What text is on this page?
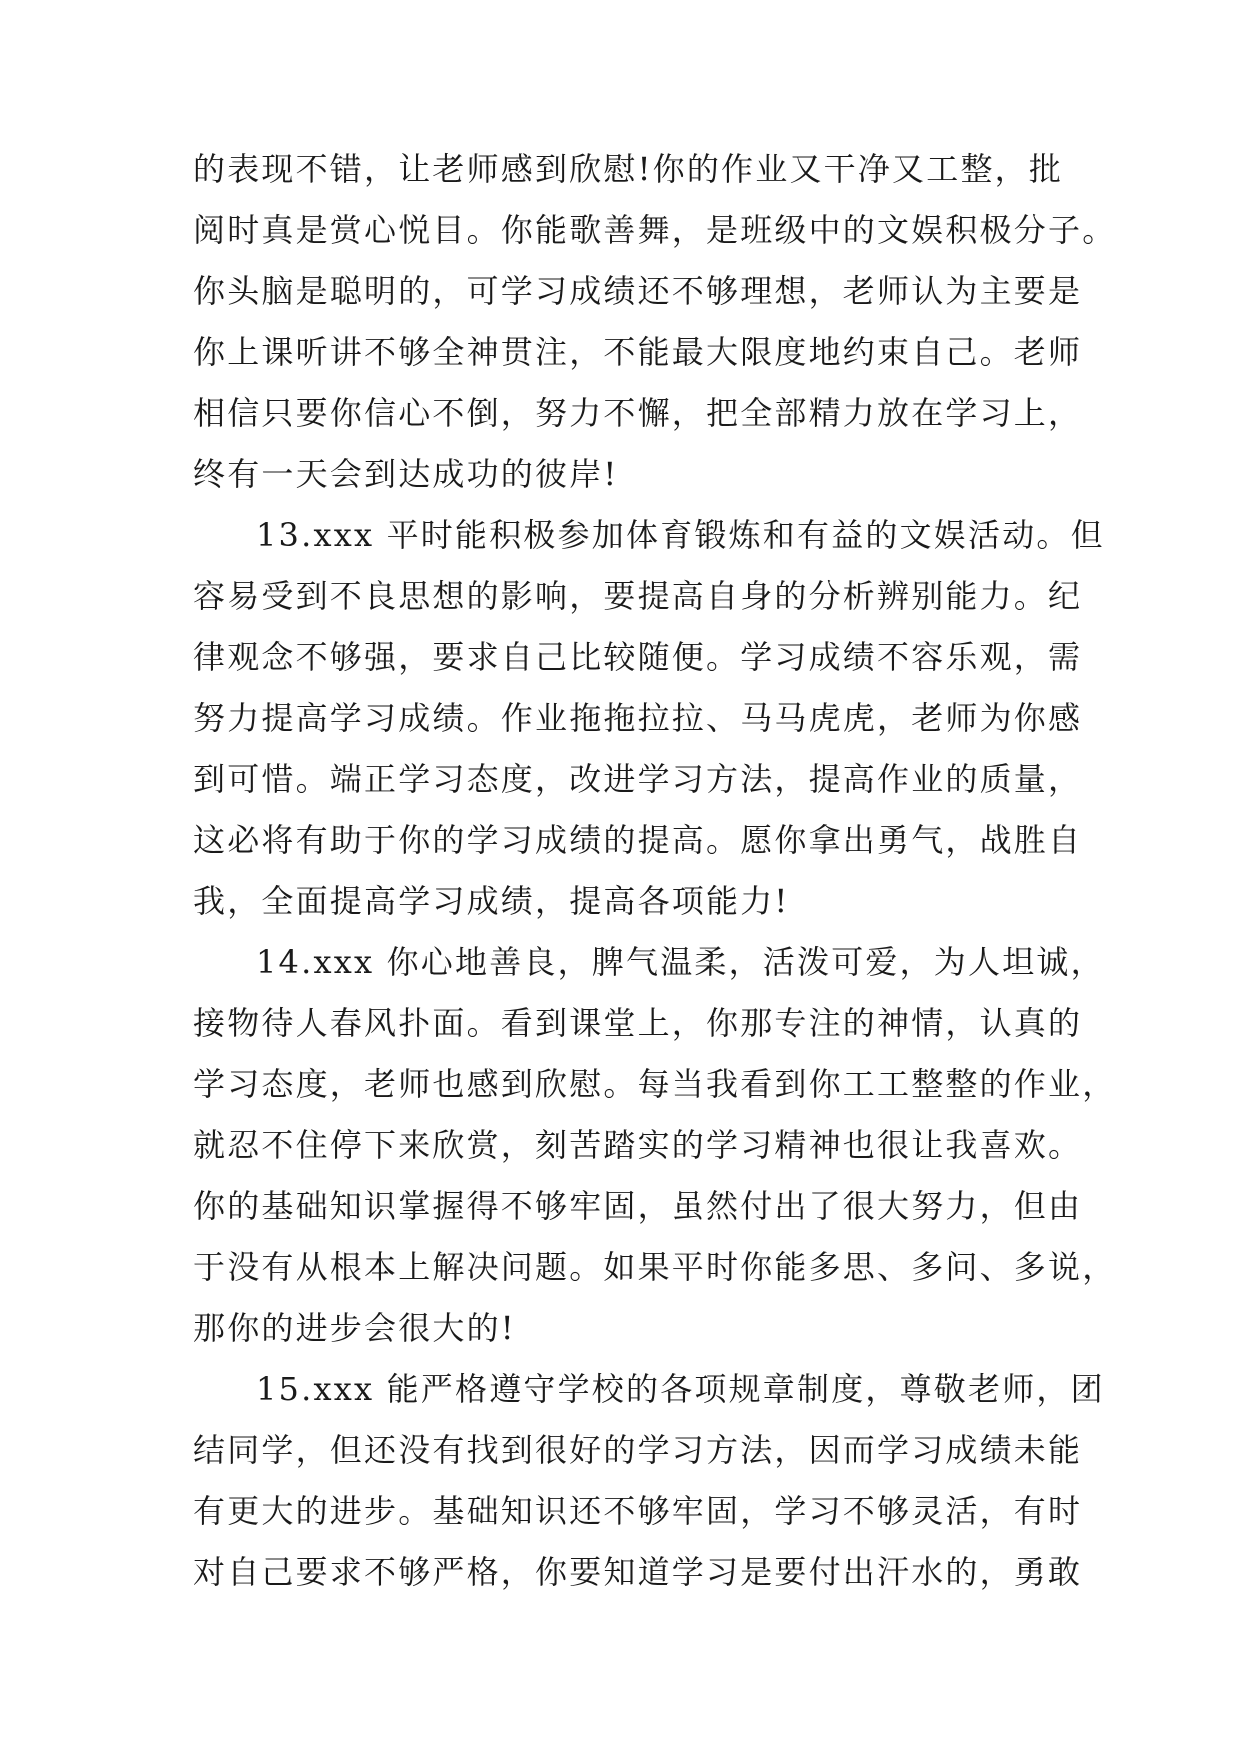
的表现不错，让老师感到欣慰!你的作业又干净又工整，批
阅时真是赏心悦目。你能歌善舞，是班级中的文娱积极分子。
你头脑是聪明的，可学习成绩还不够理想，老师认为主要是
你上课听讲不够全神贯注，不能最大限度地约束自己。老师
相信只要你信心不倒，努力不懈，把全部精力放在学习上，
终有一天会到达成功的彼岸!
13.xxx 平时能积极参加体育锻炼和有益的文娱活动。但
容易受到不良思想的影响，要提高自身的分析辨别能力。纪
律观念不够强，要求自己比较随便。学习成绩不容乐观，需
努力提高学习成绩。作业拖拖拉拉、马马虎虎，老师为你感
到可惜。端正学习态度，改进学习方法，提高作业的质量，
这必将有助于你的学习成绩的提高。愿你拿出勇气，战胜自
我，全面提高学习成绩，提高各项能力!
14.xxx 你心地善良，脾气温柔，活泼可爱，为人坦诚，
接物待人春风扑面。看到课堂上，你那专注的神情，认真的
学习态度，老师也感到欣慰。每当我看到你工工整整的作业，
就忍不住停下来欣赏，刻苦踏实的学习精神也很让我喜欢。
你的基础知识掌握得不够牢固，虽然付出了很大努力，但由
于没有从根本上解决问题。如果平时你能多思、多问、多说，
那你的进步会很大的!
15.xxx 能严格遵守学校的各项规章制度，尊敬老师，团
结同学，但还没有找到很好的学习方法，因而学习成绩未能
有更大的进步。基础知识还不够牢固，学习不够灵活，有时
对自己要求不够严格，你要知道学习是要付出汗水的，勇敢
